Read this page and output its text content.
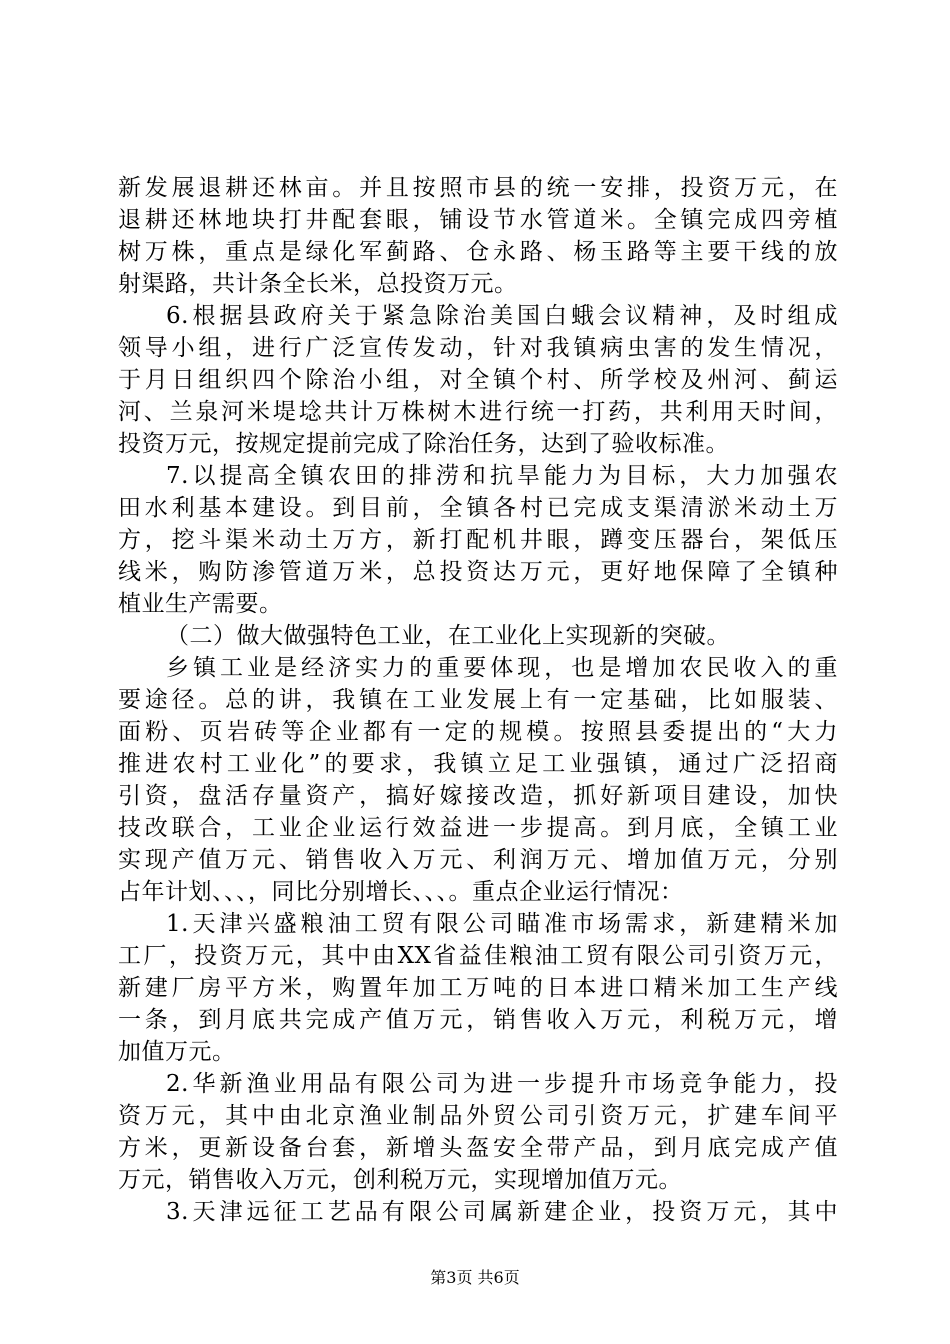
新发展退耕还林亩。并且按照市县的统一安排，投资万元，在
退耕还林地块打井配套眼，铺设节水管道米。全镇完成四旁植
树万株，重点是绿化军蓟路、仓永路、杨玉路等主要干线的放
射渠路，共计条全长米，总投资万元。
6.根据县政府关于紧急除治美国白蛾会议精神，及时组成
领导小组，进行广泛宣传发动，针对我镇病虫害的发生情况，
于月日组织四个除治小组，对全镇个村、所学校及州河、蓟运
河、兰泉河米堤埝共计万株树木进行统一打药，共利用天时间，
投资万元，按规定提前完成了除治任务，达到了验收标准。
7.以提高全镇农田的排涝和抗旱能力为目标，大力加强农
田水利基本建设。到目前，全镇各村已完成支渠清淤米动土万
方，挖斗渠米动土万方，新打配机井眼，蹲变压器台，架低压
线米，购防渗管道万米，总投资达万元，更好地保障了全镇种
植业生产需要。
（二）做大做强特色工业，在工业化上实现新的突破。
乡镇工业是经济实力的重要体现，也是增加农民收入的重
要途径。总的讲，我镇在工业发展上有一定基础，比如服装、
面粉、页岩砖等企业都有一定的规模。按照县委提出的“大力
推进农村工业化”的要求，我镇立足工业强镇，通过广泛招商
引资，盘活存量资产，搞好嫁接改造，抓好新项目建设，加快
技改联合，工业企业运行效益进一步提高。到月底，全镇工业
实现产值万元、销售收入万元、利润万元、增加值万元，分别
占年计划、、、，同比分别增长、、、。重点企业运行情况：
1.天津兴盛粮油工贸有限公司瞄准市场需求，新建精米加
工厂，投资万元，其中由XX省益佳粮油工贸有限公司引资万元，
新建厂房平方米，购置年加工万吨的日本进口精米加工生产线
一条，到月底共完成产值万元，销售收入万元，利税万元，增
加值万元。
2.华新渔业用品有限公司为进一步提升市场竞争能力，投
资万元，其中由北京渔业制品外贸公司引资万元，扩建车间平
方米，更新设备台套，新增头盔安全带产品，到月底完成产值
万元，销售收入万元，创利税万元，实现增加值万元。
3.天津远征工艺品有限公司属新建企业，投资万元，其中
第3页 共6页
